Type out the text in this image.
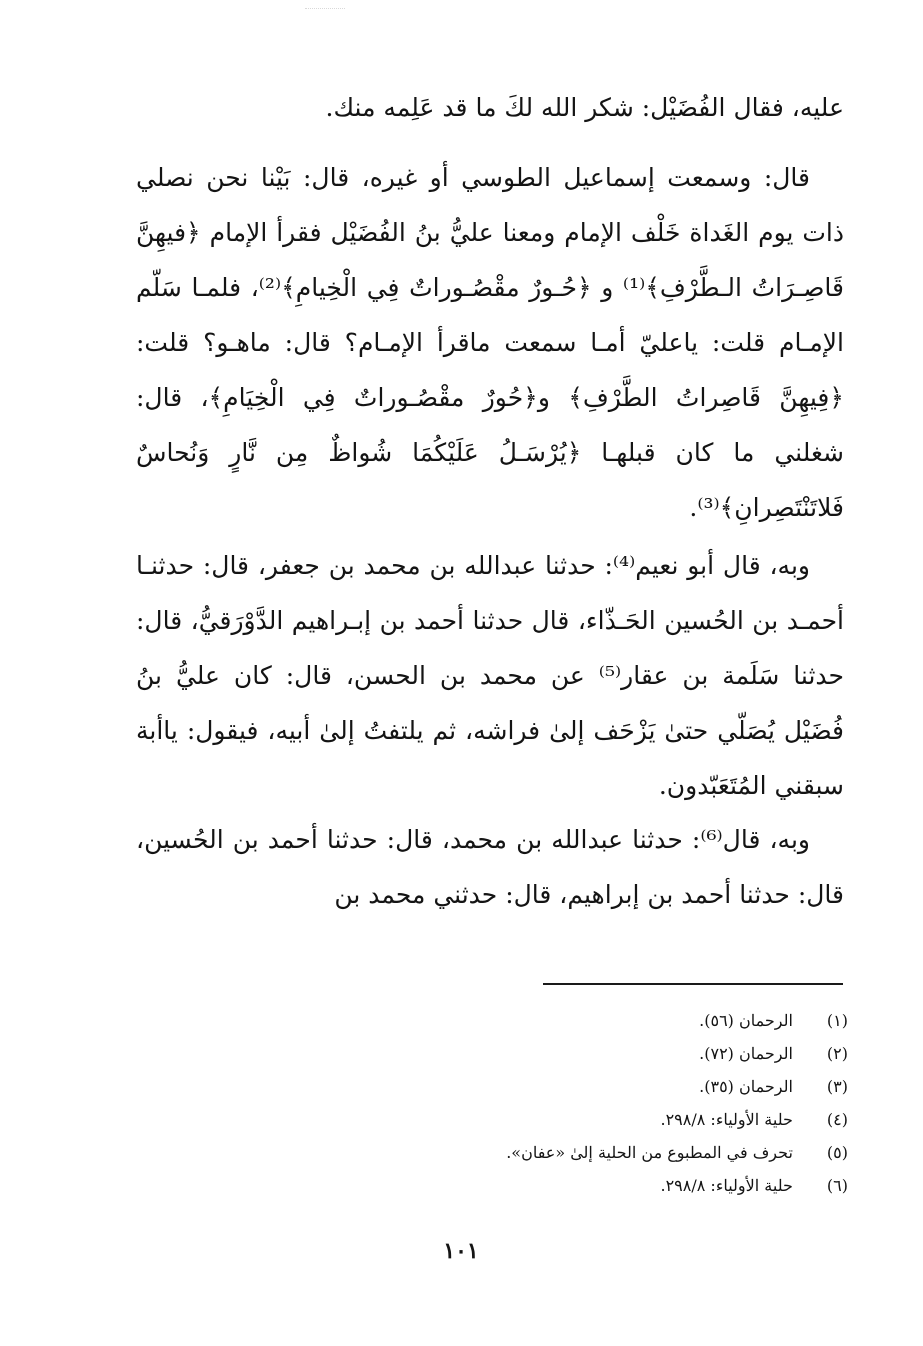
عليه، فقال الفُضَيْل: شكر الله لكَ ما قد عَلِمه منك.

قال: وسمعت إسماعيل الطوسي أو غيره، قال: بَيْنا نحن نصلي ذات يوم الغَداة خَلْف الإمام ومعنا عليُّ بنُ الفُضَيْل فقرأ الإمام ﴿فيهِنَّ قَاصِـرَاتُ الـطَّرْفِ﴾⁽¹⁾ و ﴿حُـورٌ مقْصُـوراتٌ فِي الْخِيامِ﴾⁽²⁾، فلمـا سَلّم الإمـام قلت: ياعليّ أمـا سمعت ماقرأ الإمـام؟ قال: ماهـو؟ قلت: ﴿فِيهِنَّ قَاصِراتُ الطَّرْفِ﴾ و﴿حُورٌ مقْصُـوراتٌ فِي الْخِيَامِ﴾، قال: شغلني ما كان قبلهـا ﴿يُرْسَـلُ عَلَيْكُمَا شُواظٌ مِن نَّارٍ وَنُحاسٌ فَلاتَنْتَصِرانِ﴾⁽³⁾.

وبه، قال أبو نعيم⁽⁴⁾: حدثنا عبدالله بن محمد بن جعفر، قال: حدثنـا أحمـد بن الحُسين الحَـذّاء، قال حدثنا أحمد بن إبـراهيم الدَّوْرَقيُّ، قال: حدثنا سَلَمة بن عقار⁽⁵⁾ عن محمد بن الحسن، قال: كان عليُّ بنُ فُضَيْل يُصَلّي حتىٰ يَزْحَف إلىٰ فراشه، ثم يلتفتُ إلىٰ أبيه، فيقول: ياأبة سبقني المُتَعَبّدون.

وبه، قال⁽⁶⁾: حدثنا عبدالله بن محمد، قال: حدثنا أحمد بن الحُسين، قال: حدثنا أحمد بن إبراهيم، قال: حدثني محمد بن

(١) الرحمان (٥٦).
(٢) الرحمان (٧٢).
(٣) الرحمان (٣٥).
(٤) حلية الأولياء: ٢٩٨/٨.
(٥) تحرف في المطبوع من الحلية إلىٰ «عفان».
(٦) حلية الأولياء: ٢٩٨/٨.
١٠١
